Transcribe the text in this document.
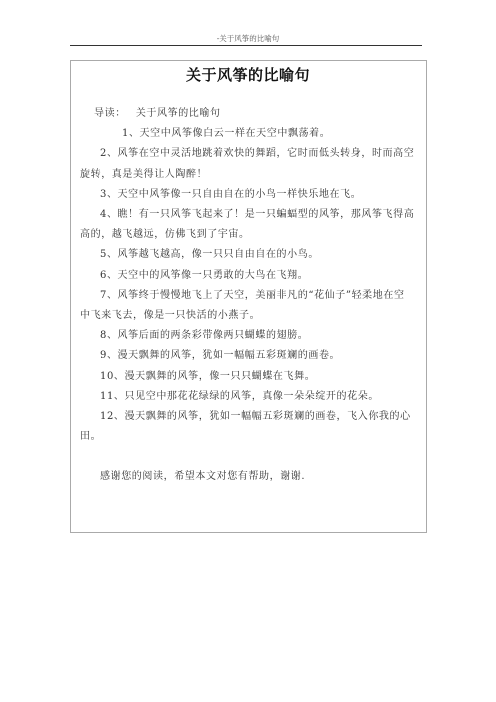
-关于风筝的比喻句
关于风筝的比喻句

导读： 关于风筝的比喻句

1、天空中风筝像白云一样在天空中飘荡着。

2、风筝在空中灵活地跳着欢快的舞蹈，它时而低头转身，时而高空旋转，真是美得让人陶醉！

3、天空中风筝像一只自由自在的小鸟一样快乐地在飞。

4、瞧！有一只风筝飞起来了！是一只蝙蝠型的风筝，那风筝飞得高高的，越飞越远，仿佛飞到了宇宙。

5、风筝越飞越高，像一只只自由自在的小鸟。

6、天空中的风筝像一只勇敢的大鸟在飞翔。

7、风筝终于慢慢地飞上了天空，美丽非凡的“花仙子”轻柔地在空中飞来飞去，像是一只快活的小燕子。

8、风筝后面的两条彩带像两只蝴蝶的翅膀。

9、漫天飘舞的风筝，犹如一幅幅五彩斑斓的画卷。

10、漫天飘舞的风筝，像一只只蝴蝶在飞舞。

11、只见空中那花花绿绿的风筝，真像一朵朵绽开的花朵。

12、漫天飘舞的风筝，犹如一幅幅五彩斑斓的画卷，飞入你我的心田。

感谢您的阅读，希望本文对您有帮助，谢谢.
